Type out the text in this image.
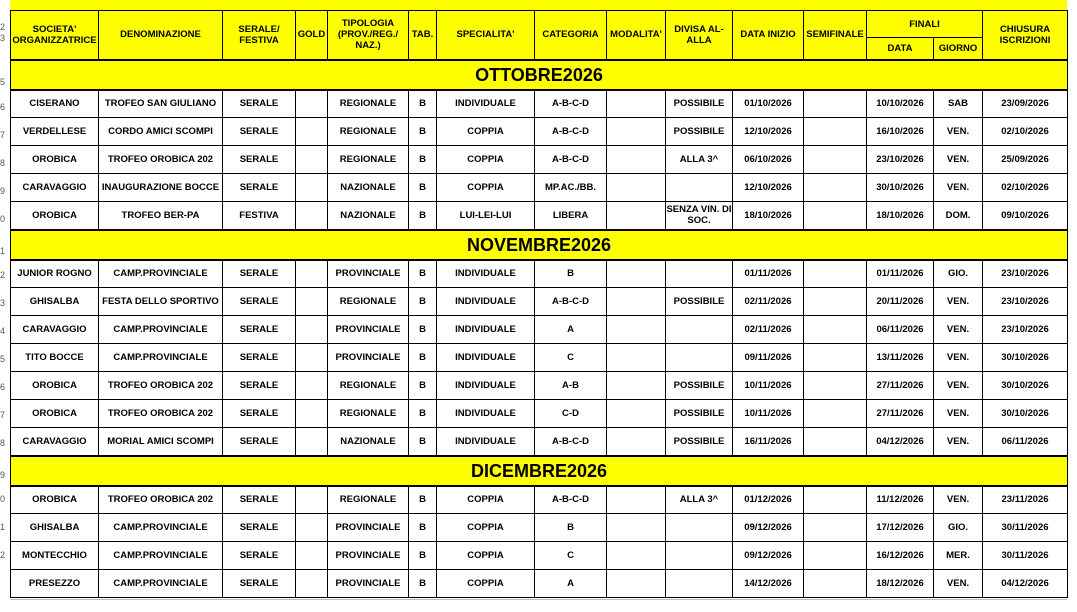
2
3
5
6
7
8
9
0
1
2
3
4
5
6
7
8
9
0
1
2
SOCIETA' ORGANIZZATRICE	DENOMINAZIONE	SERALE/ FESTIVA	GOLD	TIPOLOGIA (PROV./REG./ NAZ.)	TAB.	SPECIALITA'	CATEGORIA	MODALITA'	DIVISA AL-ALLA	DATA INIZIO	SEMIFINALE	FINALI		CHIUSURA ISCRIZIONI
												DATA	GIORNO	
OTTOBRE2026														
CISERANO	TROFEO SAN GIULIANO	SERALE		REGIONALE	B	INDIVIDUALE	A-B-C-D		POSSIBILE	01/10/2026		10/10/2026	SAB	23/09/2026
VERDELLESE	CORDO AMICI SCOMPI	SERALE		REGIONALE	B	COPPIA	A-B-C-D		POSSIBILE	12/10/2026		16/10/2026	VEN.	02/10/2026
OROBICA	TROFEO OROBICA 202	SERALE		REGIONALE	B	COPPIA	A-B-C-D		ALLA 3^	06/10/2026		23/10/2026	VEN.	25/09/2026
CARAVAGGIO	INAUGURAZIONE BOCCE	SERALE		NAZIONALE	B	COPPIA	MP.AC./BB.			12/10/2026		30/10/2026	VEN.	02/10/2026
OROBICA	TROFEO BER-PA	FESTIVA		NAZIONALE	B	LUI-LEI-LUI	LIBERA		SENZA VIN. DI SOC.	18/10/2026		18/10/2026	DOM.	09/10/2026
NOVEMBRE2026														
JUNIOR ROGNO	CAMP.PROVINCIALE	SERALE		PROVINCIALE	B	INDIVIDUALE	B			01/11/2026		01/11/2026	GIO.	23/10/2026
GHISALBA	FESTA DELLO SPORTIVO	SERALE		REGIONALE	B	INDIVIDUALE	A-B-C-D		POSSIBILE	02/11/2026		20/11/2026	VEN.	23/10/2026
CARAVAGGIO	CAMP.PROVINCIALE	SERALE		PROVINCIALE	B	INDIVIDUALE	A			02/11/2026		06/11/2026	VEN.	23/10/2026
TITO BOCCE	CAMP.PROVINCIALE	SERALE		PROVINCIALE	B	INDIVIDUALE	C			09/11/2026		13/11/2026	VEN.	30/10/2026
OROBICA	TROFEO OROBICA 202	SERALE		REGIONALE	B	INDIVIDUALE	A-B		POSSIBILE	10/11/2026		27/11/2026	VEN.	30/10/2026
OROBICA	TROFEO OROBICA 202	SERALE		REGIONALE	B	INDIVIDUALE	C-D		POSSIBILE	10/11/2026		27/11/2026	VEN.	30/10/2026
CARAVAGGIO	MORIAL AMICI SCOMPI	SERALE		NAZIONALE	B	INDIVIDUALE	A-B-C-D		POSSIBILE	16/11/2026		04/12/2026	VEN.	06/11/2026
DICEMBRE2026														
OROBICA	TROFEO OROBICA 202	SERALE		REGIONALE	B	COPPIA	A-B-C-D		ALLA 3^	01/12/2026		11/12/2026	VEN.	23/11/2026
GHISALBA	CAMP.PROVINCIALE	SERALE		PROVINCIALE	B	COPPIA	B			09/12/2026		17/12/2026	GIO.	30/11/2026
MONTECCHIO	CAMP.PROVINCIALE	SERALE		PROVINCIALE	B	COPPIA	C			09/12/2026		16/12/2026	MER.	30/11/2026
PRESEZZO	CAMP.PROVINCIALE	SERALE		PROVINCIALE	B	COPPIA	A			14/12/2026		18/12/2026	VEN.	04/12/2026
